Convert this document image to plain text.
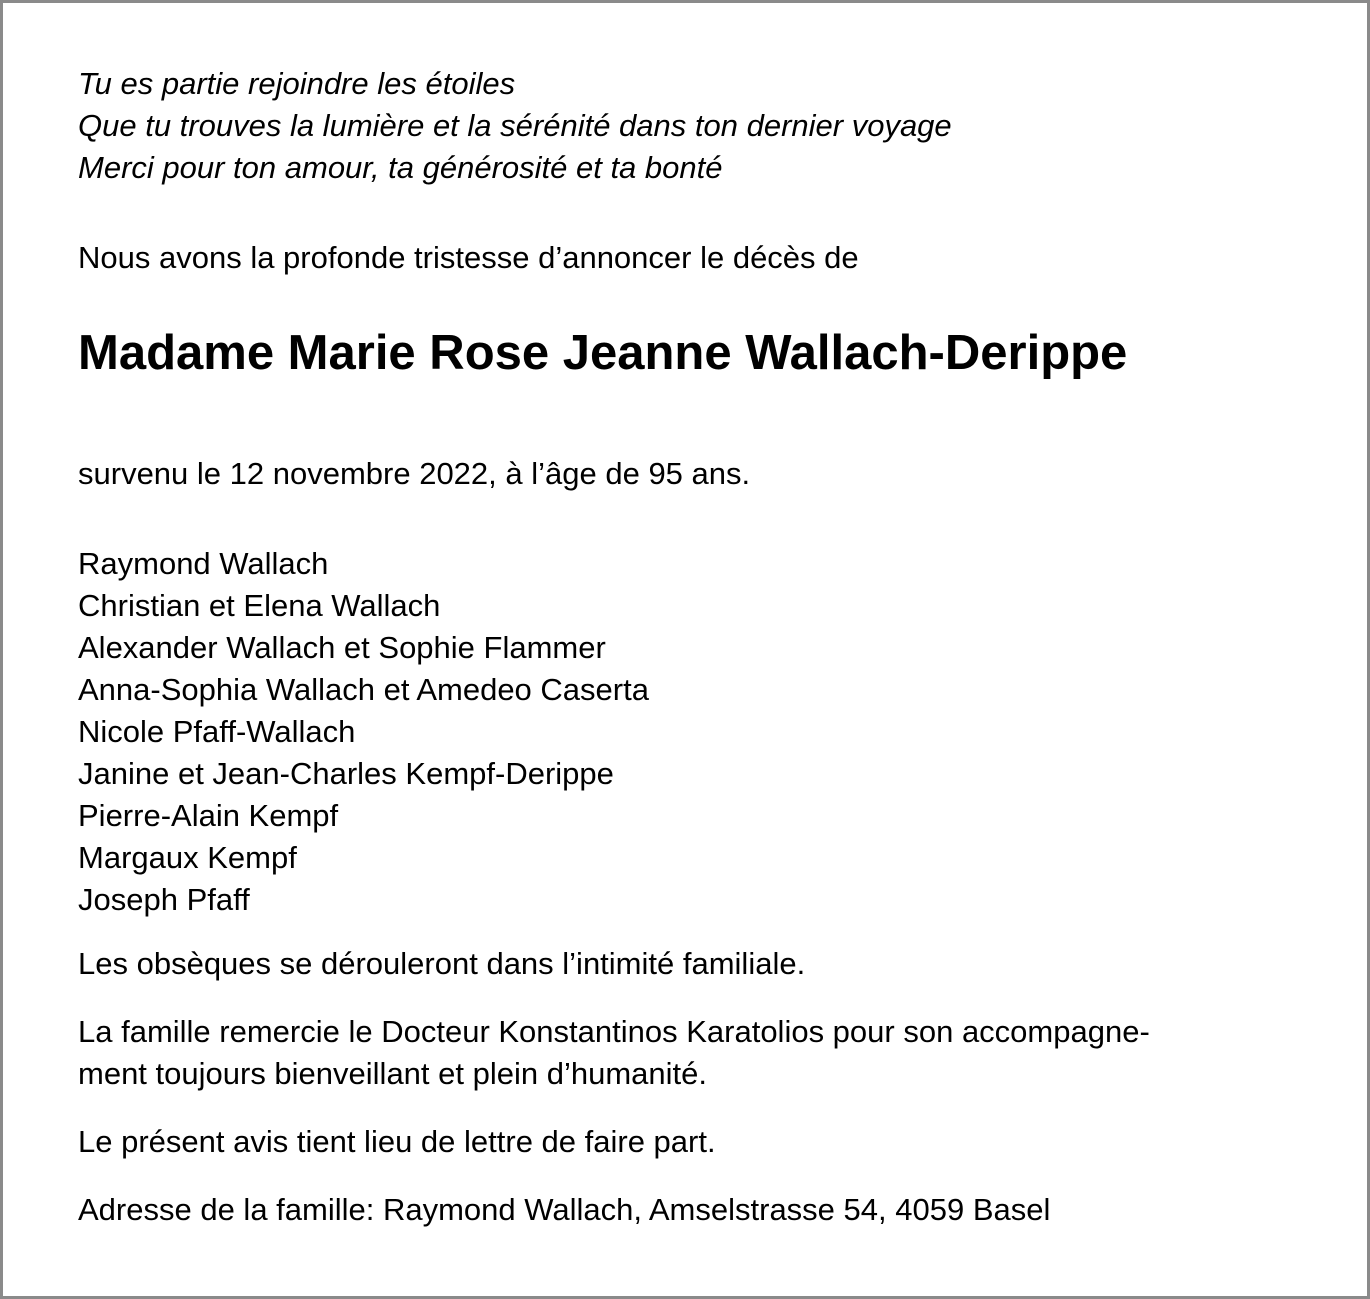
Tu es partie rejoindre les étoiles
Que tu trouves la lumière et la sérénité dans ton dernier voyage
Merci pour ton amour, ta générosité et ta bonté

Nous avons la profonde tristesse d’annoncer le décès de

Madame Marie Rose Jeanne Wallach-Derippe

survenu le 12 novembre 2022, à l’âge de 95 ans.

Raymond Wallach
Christian et Elena Wallach
Alexander Wallach et Sophie Flammer
Anna-Sophia Wallach et Amedeo Caserta
Nicole Pfaff-Wallach
Janine et Jean-Charles Kempf-Derippe
Pierre-Alain Kempf
Margaux Kempf
Joseph Pfaff

Les obsèques se dérouleront dans l’intimité familiale.

La famille remercie le Docteur Konstantinos Karatolios pour son accompagne-
ment toujours bienveillant et plein d’humanité.

Le présent avis tient lieu de lettre de faire part.

Adresse de la famille: Raymond Wallach, Amselstrasse 54, 4059 Basel
